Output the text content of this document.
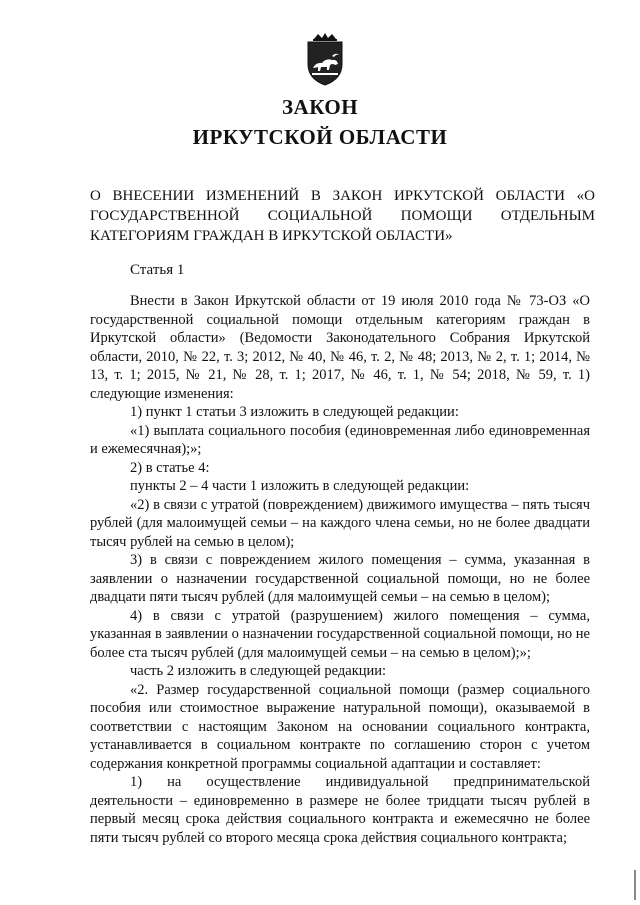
ЗАКОН
ИРКУТСКОЙ ОБЛАСТИ
О ВНЕСЕНИИ ИЗМЕНЕНИЙ В ЗАКОН ИРКУТСКОЙ ОБЛАСТИ «О ГОСУДАРСТВЕННОЙ СОЦИАЛЬНОЙ ПОМОЩИ ОТДЕЛЬНЫМ КАТЕГОРИЯМ ГРАЖДАН В ИРКУТСКОЙ ОБЛАСТИ»
Статья 1

Внести в Закон Иркутской области от 19 июля 2010 года № 73-ОЗ «О государственной социальной помощи отдельным категориям граждан в Иркутской области» (Ведомости Законодательного Собрания Иркутской области, 2010, № 22, т. 3; 2012, № 40, № 46, т. 2, № 48; 2013, № 2, т. 1; 2014, № 13, т. 1; 2015, № 21, № 28, т. 1; 2017, № 46, т. 1, № 54; 2018, № 59, т. 1) следующие изменения:

1) пункт 1 статьи 3 изложить в следующей редакции:

«1) выплата социального пособия (единовременная либо единовременная и ежемесячная);»;

2) в статье 4:

пункты 2 – 4 части 1 изложить в следующей редакции:

«2) в связи с утратой (повреждением) движимого имущества – пять тысяч рублей (для малоимущей семьи – на каждого члена семьи, но не более двадцати тысяч рублей на семью в целом);

3) в связи с повреждением жилого помещения – сумма, указанная в заявлении о назначении государственной социальной помощи, но не более двадцати пяти тысяч рублей (для малоимущей семьи – на семью в целом);

4) в связи с утратой (разрушением) жилого помещения – сумма, указанная в заявлении о назначении государственной социальной помощи, но не более ста тысяч рублей (для малоимущей семьи – на семью в целом);»;

часть 2 изложить в следующей редакции:

«2. Размер государственной социальной помощи (размер социального пособия или стоимостное выражение натуральной помощи), оказываемой в соответствии с настоящим Законом на основании социального контракта, устанавливается в социальном контракте по соглашению сторон с учетом содержания конкретной программы социальной адаптации и составляет:

1) на осуществление индивидуальной предпринимательской деятельности – единовременно в размере не более тридцати тысяч рублей в первый месяц срока действия социального контракта и ежемесячно не более пяти тысяч рублей со второго месяца срока действия социального контракта;
